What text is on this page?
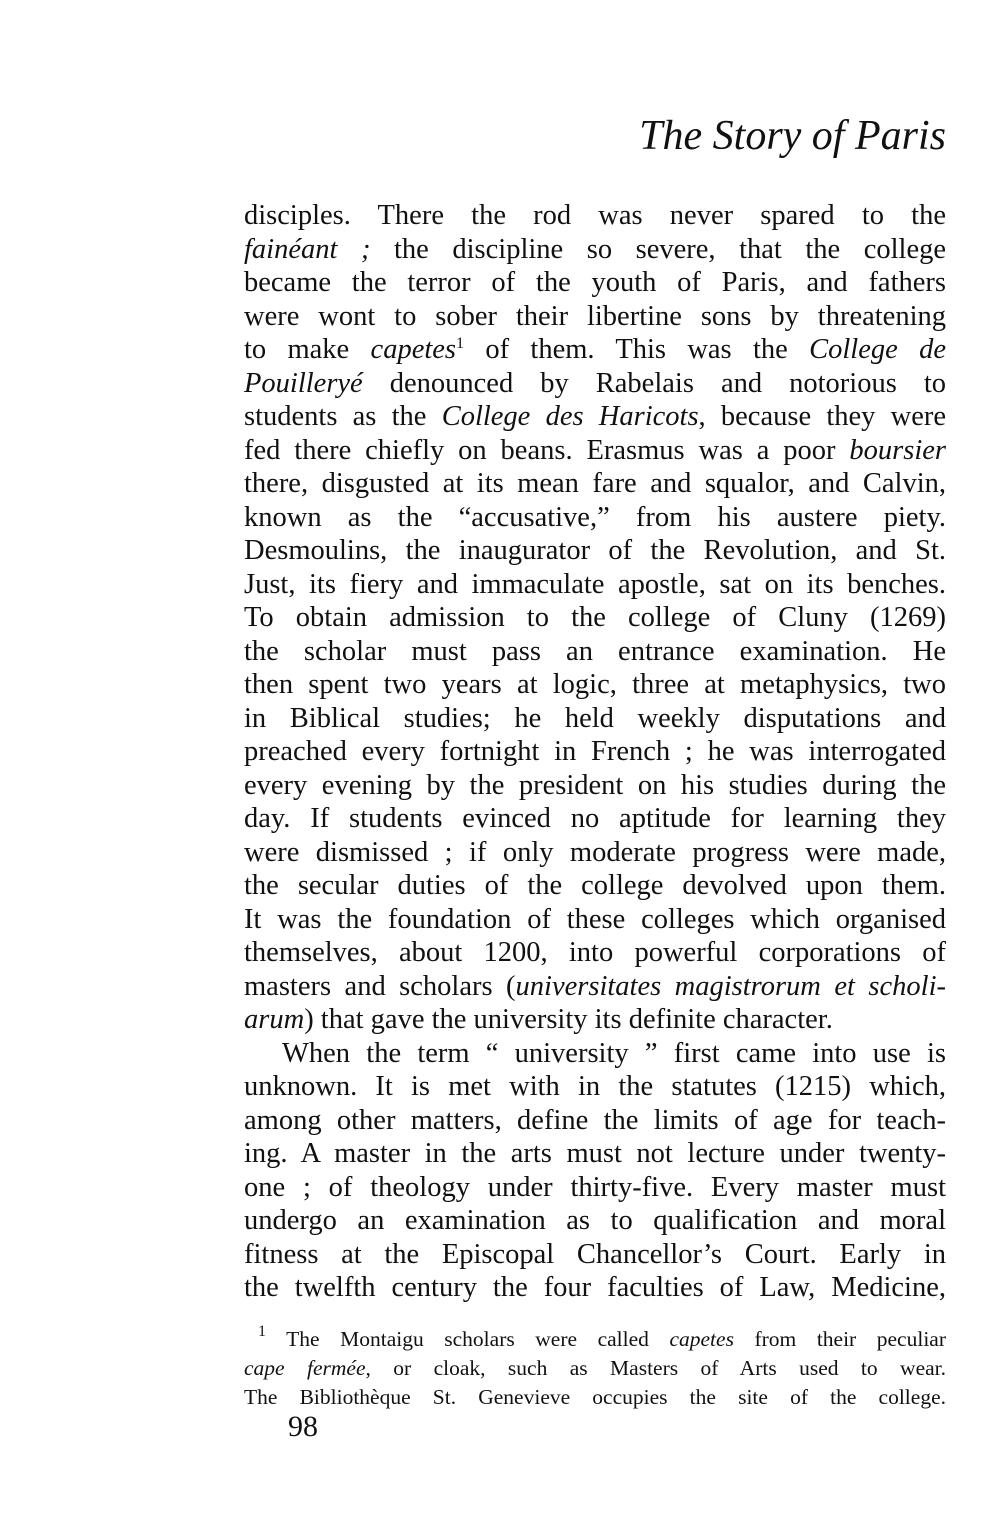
The Story of Paris
disciples. There the rod was never spared to the
fainéant ; the discipline so severe, that the college
became the terror of the youth of Paris, and fathers
were wont to sober their libertine sons by threatening
to make capetes$^1$ of them. This was the College de
Pouilleryé denounced by Rabelais and notorious to
students as the College des Haricots, because they were
fed there chiefly on beans. Erasmus was a poor boursier
there, disgusted at its mean fare and squalor, and Calvin,
known as the “accusative,” from his austere piety.
Desmoulins, the inaugurator of the Revolution, and St.
Just, its fiery and immaculate apostle, sat on its benches.
To obtain admission to the college of Cluny (1269)
the scholar must pass an entrance examination. He
then spent two years at logic, three at metaphysics, two
in Biblical studies; he held weekly disputations and
preached every fortnight in French ; he was interrogated
every evening by the president on his studies during the
day. If students evinced no aptitude for learning they
were dismissed ; if only moderate progress were made,
the secular duties of the college devolved upon them.
It was the foundation of these colleges which organised
themselves, about 1200, into powerful corporations of
masters and scholars (universitates magistrorum et scholi-
arum) that gave the university its definite character.
When the term “ university ” first came into use is
unknown. It is met with in the statutes (1215) which,
among other matters, define the limits of age for teach-
ing. A master in the arts must not lecture under twenty-
one ; of theology under thirty-five. Every master must
undergo an examination as to qualification and moral
fitness at the Episcopal Chancellor’s Court. Early in
the twelfth century the four faculties of Law, Medicine,
$^1$ The Montaigu scholars were called capetes from their peculiar
cape fermée, or cloak, such as Masters of Arts used to wear.
The Bibliothèque St. Genevieve occupies the site of the college.
98
